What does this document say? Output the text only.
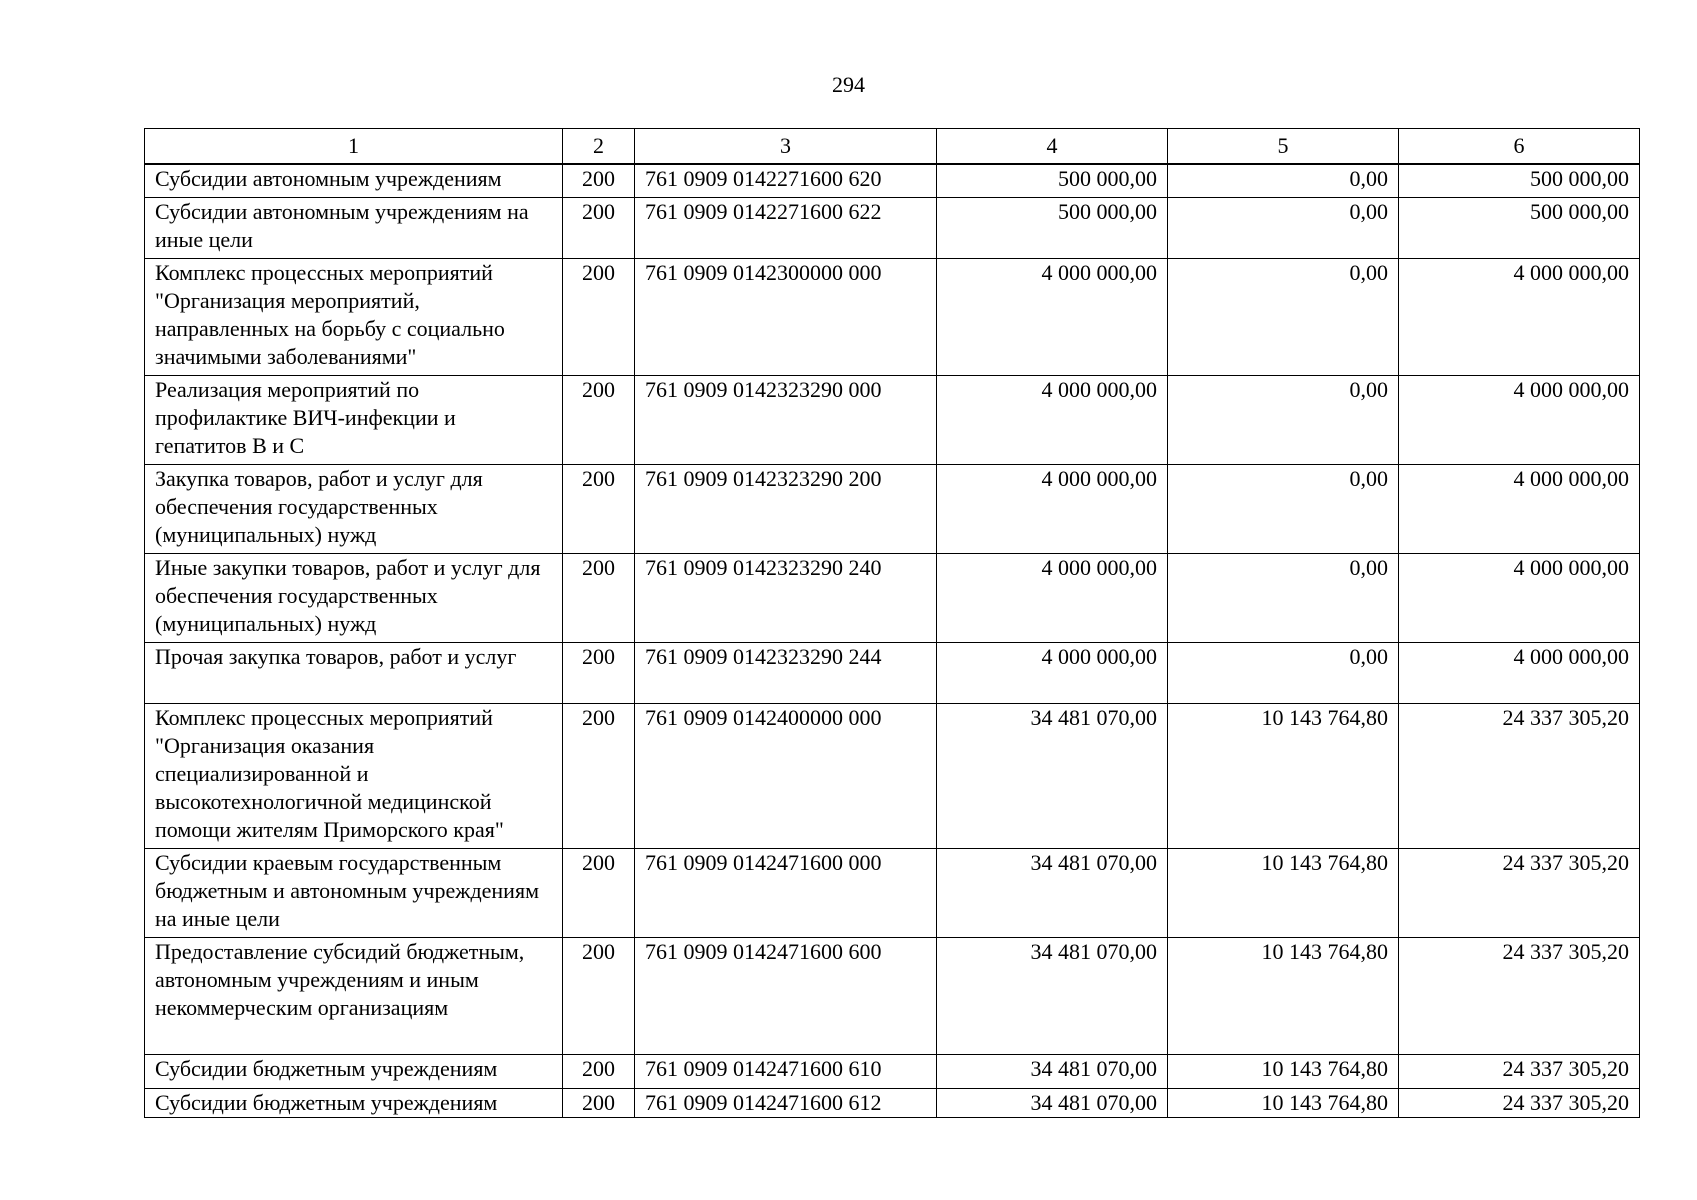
294
1	2	3	4	5	6
Субсидии автономным учреждениям	200	761 0909 0142271600 620	500 000,00	0,00	500 000,00
Субсидии автономным учреждениям на иные цели	200	761 0909 0142271600 622	500 000,00	0,00	500 000,00
Комплекс процессных мероприятий "Организация мероприятий, направленных на борьбу с социально значимыми заболеваниями"	200	761 0909 0142300000 000	4 000 000,00	0,00	4 000 000,00
Реализация мероприятий по профилактике ВИЧ-инфекции и гепатитов B и C	200	761 0909 0142323290 000	4 000 000,00	0,00	4 000 000,00
Закупка товаров, работ и услуг для обеспечения государственных (муниципальных) нужд	200	761 0909 0142323290 200	4 000 000,00	0,00	4 000 000,00
Иные закупки товаров, работ и услуг для обеспечения государственных (муниципальных) нужд	200	761 0909 0142323290 240	4 000 000,00	0,00	4 000 000,00
Прочая закупка товаров, работ и услуг	200	761 0909 0142323290 244	4 000 000,00	0,00	4 000 000,00
Комплекс процессных мероприятий "Организация оказания специализированной и высокотехнологичной медицинской помощи жителям Приморского края"	200	761 0909 0142400000 000	34 481 070,00	10 143 764,80	24 337 305,20
Субсидии краевым государственным бюджетным и автономным учреждениям на иные цели	200	761 0909 0142471600 000	34 481 070,00	10 143 764,80	24 337 305,20
Предоставление субсидий бюджетным, автономным учреждениям и иным некоммерческим организациям	200	761 0909 0142471600 600	34 481 070,00	10 143 764,80	24 337 305,20
Субсидии бюджетным учреждениям	200	761 0909 0142471600 610	34 481 070,00	10 143 764,80	24 337 305,20
Субсидии бюджетным учреждениям	200	761 0909 0142471600 612	34 481 070,00	10 143 764,80	24 337 305,20
